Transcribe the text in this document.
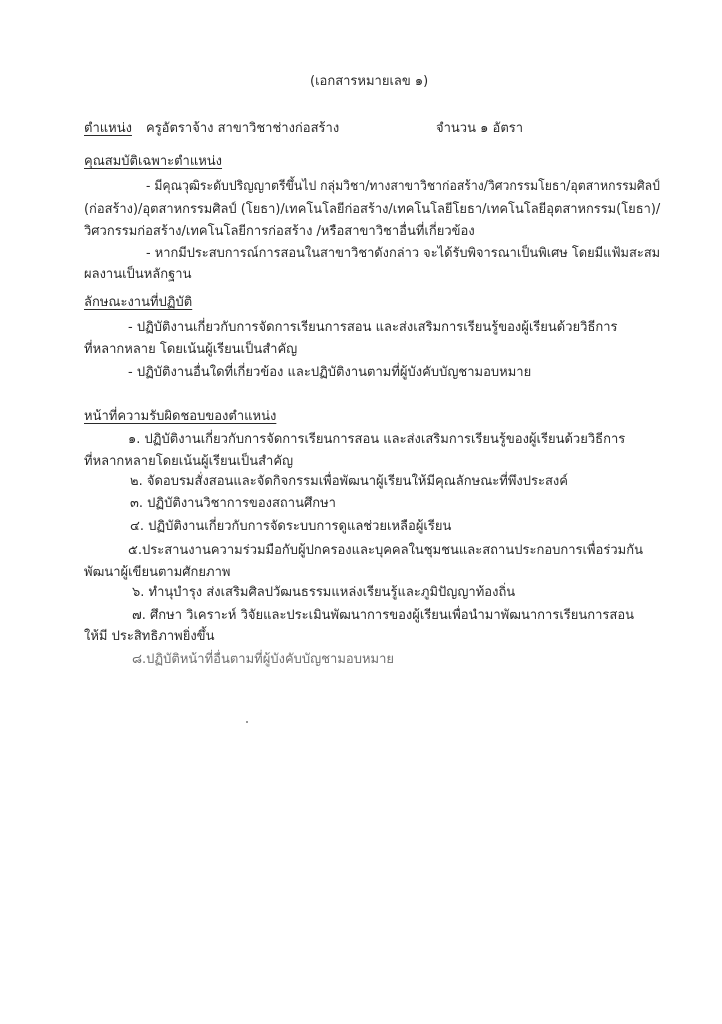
(เอกสารหมายเลข ๑)
ตำแหน่ง ครูอัตราจ้าง สาขาวิชาช่างก่อสร้าง	จำนวน ๑ อัตรา
คุณสมบัติเฉพาะตำแหน่ง
- มีคุณวุฒิระดับปริญญาตรีขึ้นไป กลุ่มวิชา/ทางสาขาวิชาก่อสร้าง/วิศวกรรมโยธา/อุตสาหกรรมศิลป์
(ก่อสร้าง)/อุตสาหกรรมศิลป์ (โยธา)/เทคโนโลยีก่อสร้าง/เทคโนโลยีโยธา/เทคโนโลยีอุตสาหกรรม(โยธา)/
วิศวกรรมก่อสร้าง/เทคโนโลยีการก่อสร้าง /หรือสาขาวิชาอื่นที่เกี่ยวข้อง
- หากมีประสบการณ์การสอนในสาขาวิชาดังกล่าว จะได้รับพิจารณาเป็นพิเศษ โดยมีแฟ้มสะสม
ผลงานเป็นหลักฐาน
ลักษณะงานที่ปฏิบัติ
- ปฏิบัติงานเกี่ยวกับการจัดการเรียนการสอน และส่งเสริมการเรียนรู้ของผู้เรียนด้วยวิธีการ
ที่หลากหลาย โดยเน้นผู้เรียนเป็นสำคัญ
- ปฏิบัติงานอื่นใดที่เกี่ยวข้อง และปฏิบัติงานตามที่ผู้บังคับบัญชามอบหมาย
หน้าที่ความรับผิดชอบของตำแหน่ง
๑. ปฏิบัติงานเกี่ยวกับการจัดการเรียนการสอน และส่งเสริมการเรียนรู้ของผู้เรียนด้วยวิธีการ
ที่หลากหลายโดยเน้นผู้เรียนเป็นสำคัญ
๒. จัดอบรมสั่งสอนและจัดกิจกรรมเพื่อพัฒนาผู้เรียนให้มีคุณลักษณะที่พึงประสงค์
๓. ปฏิบัติงานวิชาการของสถานศึกษา
๔. ปฏิบัติงานเกี่ยวกับการจัดระบบการดูแลช่วยเหลือผู้เรียน
๕.ประสานงานความร่วมมือกับผู้ปกครองและบุคคลในชุมชนและสถานประกอบการเพื่อร่วมกัน
พัฒนาผู้เขียนตามศักยภาพ
๖. ทำนุบำรุง ส่งเสริมศิลปวัฒนธรรมแหล่งเรียนรู้และภูมิปัญญาท้องถิ่น
๗. ศึกษา วิเคราะห์ วิจัยและประเมินพัฒนาการของผู้เรียนเพื่อนำมาพัฒนาการเรียนการสอน
ให้มี ประสิทธิภาพยิ่งขึ้น
๘.ปฏิบัติหน้าที่อื่นตามที่ผู้บังคับบัญชามอบหมาย
